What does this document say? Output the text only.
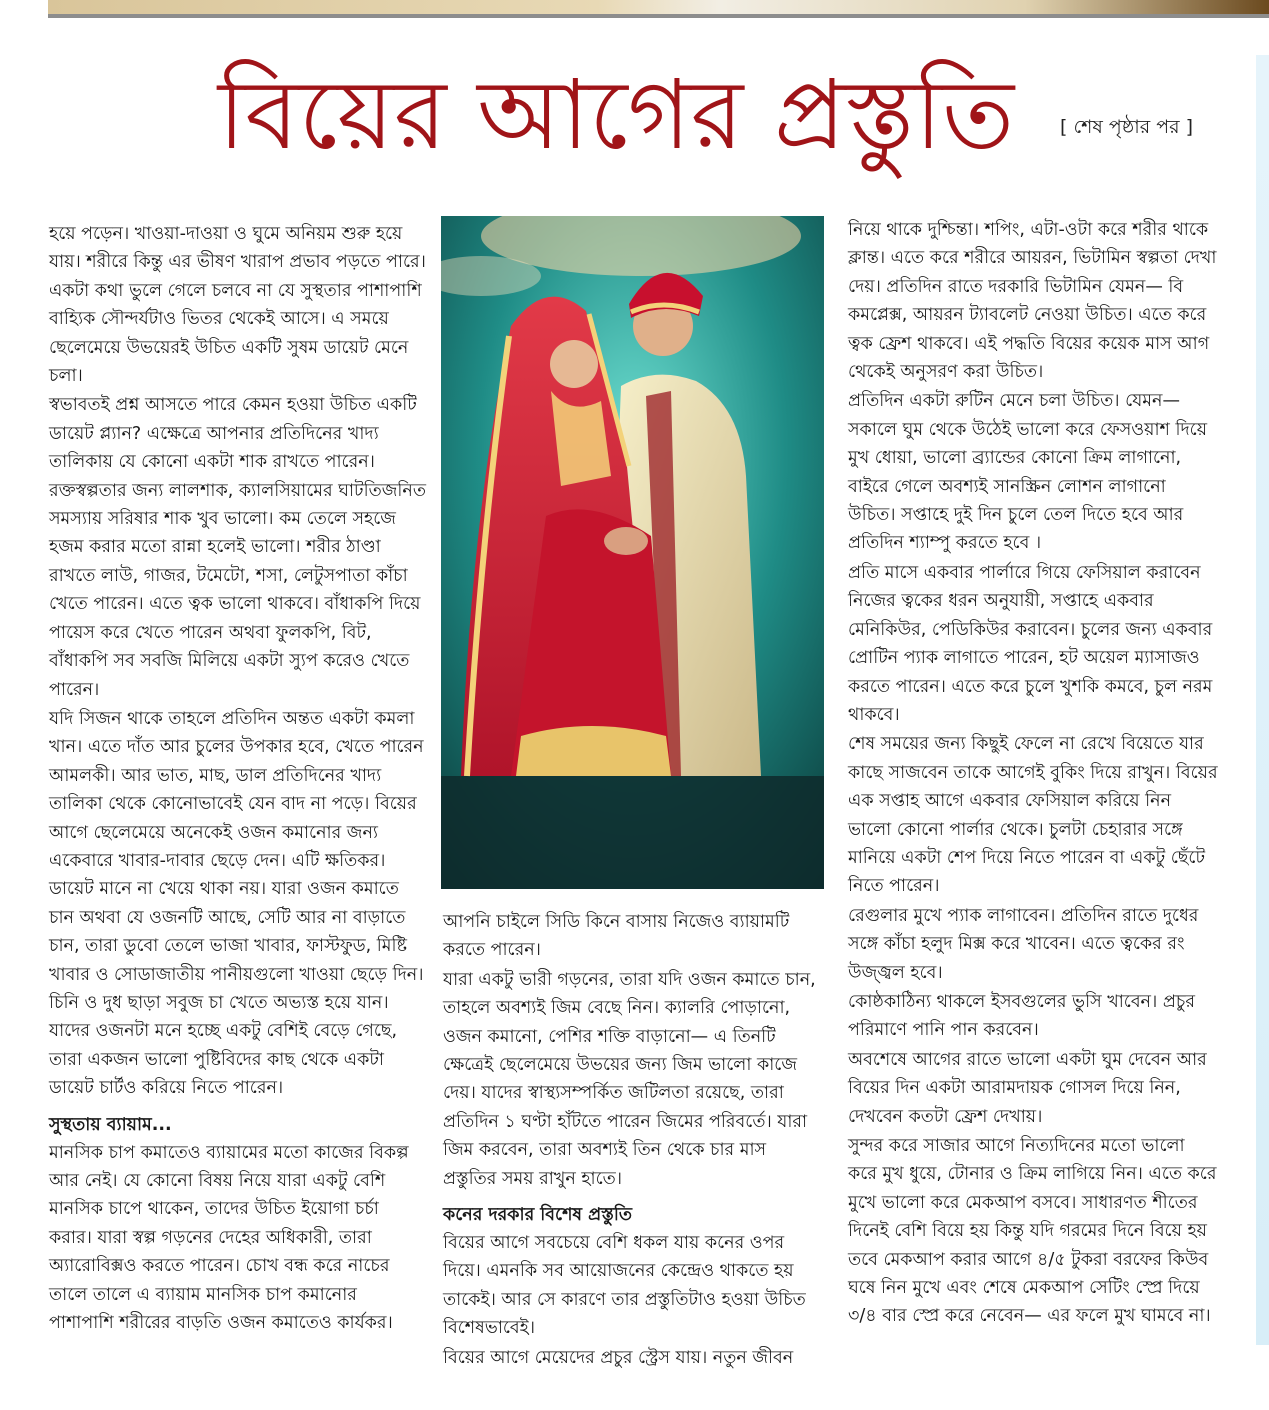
বিয়ের আগের প্রস্তুতি	[ শেষ পৃষ্ঠার পর ]

হয়ে পড়েন। খাওয়া-দাওয়া ও ঘুমে অনিয়ম শুরু হয়ে যায়। শরীরে কিন্তু এর ভীষণ খারাপ প্রভাব পড়তে পারে। একটা কথা ভুলে গেলে চলবে না যে সুস্থতার পাশাপাশি বাহ্যিক সৌন্দর্যটাও ভিতর থেকেই আসে। এ সময়ে ছেলেমেয়ে উভয়েরই উচিত একটি সুষম ডায়েট মেনে চলা।

স্বভাবতই প্রশ্ন আসতে পারে কেমন হওয়া উচিত একটি ডায়েট প্ল্যান? এক্ষেত্রে আপনার প্রতিদিনের খাদ্য তালিকায় যে কোনো একটা শাক রাখতে পারেন। রক্তস্বল্পতার জন্য লালশাক, ক্যালসিয়ামের ঘাটতিজনিত সমস্যায় সরিষার শাক খুব ভালো। কম তেলে সহজে হজম করার মতো রান্না হলেই ভালো। শরীর ঠাণ্ডা রাখতে লাউ, গাজর, টমেটো, শসা, লেটুসপাতা কাঁচা খেতে পারেন। এতে ত্বক ভালো থাকবে। বাঁধাকপি দিয়ে পায়েস করে খেতে পারেন অথবা ফুলকপি, বিট, বাঁধাকপি সব সবজি মিলিয়ে একটা স্যুপ করেও খেতে পারেন।

যদি সিজন থাকে তাহলে প্রতিদিন অন্তত একটা কমলা খান। এতে দাঁত আর চুলের উপকার হবে, খেতে পারেন আমলকী। আর ভাত, মাছ, ডাল প্রতিদিনের খাদ্য তালিকা থেকে কোনোভাবেই যেন বাদ না পড়ে। বিয়ের আগে ছেলেমেয়ে অনেকেই ওজন কমানোর জন্য একেবারে খাবার-দাবার ছেড়ে দেন। এটি ক্ষতিকর। ডায়েট মানে না খেয়ে থাকা নয়। যারা ওজন কমাতে চান অথবা যে ওজনটি আছে, সেটি আর না বাড়াতে চান, তারা ডুবো তেলে ভাজা খাবার, ফাস্টফুড, মিষ্টি খাবার ও সোডাজাতীয় পানীয়গুলো খাওয়া ছেড়ে দিন। চিনি ও দুধ ছাড়া সবুজ চা খেতে অভ্যস্ত হয়ে যান। যাদের ওজনটা মনে হচ্ছে একটু বেশিই বেড়ে গেছে, তারা একজন ভালো পুষ্টিবিদের কাছ থেকে একটা ডায়েট চার্টও করিয়ে নিতে পারেন।

সুস্থতায় ব্যায়াম...

মানসিক চাপ কমাতেও ব্যায়ামের মতো কাজের বিকল্প আর নেই। যে কোনো বিষয় নিয়ে যারা একটু বেশি মানসিক চাপে থাকেন, তাদের উচিত ইয়োগা চর্চা করার। যারা স্বল্প গড়নের দেহের অধিকারী, তারা অ্যারোবিক্সও করতে পারেন। চোখ বন্ধ করে নাচের তালে তালে এ ব্যায়াম মানসিক চাপ কমানোর পাশাপাশি শরীরের বাড়তি ওজন কমাতেও কার্যকর।

আপনি চাইলে সিডি কিনে বাসায় নিজেও ব্যায়ামটি করতে পারেন।

যারা একটু ভারী গড়নের, তারা যদি ওজন কমাতে চান, তাহলে অবশ্যই জিম বেছে নিন। ক্যালরি পোড়ানো, ওজন কমানো, পেশির শক্তি বাড়ানো— এ তিনটি ক্ষেত্রেই ছেলেমেয়ে উভয়ের জন্য জিম ভালো কাজে দেয়। যাদের স্বাস্থ্যসম্পর্কিত জটিলতা রয়েছে, তারা প্রতিদিন ১ ঘণ্টা হাঁটতে পারেন জিমের পরিবর্তে। যারা জিম করবেন, তারা অবশ্যই তিন থেকে চার মাস প্রস্তুতির সময় রাখুন হাতে।

কনের দরকার বিশেষ প্রস্তুতি

বিয়ের আগে সবচেয়ে বেশি ধকল যায় কনের ওপর দিয়ে। এমনকি সব আয়োজনের কেন্দ্রেও থাকতে হয় তাকেই। আর সে কারণে তার প্রস্তুতিটাও হওয়া উচিত বিশেষভাবেই।

বিয়ের আগে মেয়েদের প্রচুর স্ট্রেস যায়। নতুন জীবন

নিয়ে থাকে দুশ্চিন্তা। শপিং, এটা-ওটা করে শরীর থাকে ক্লান্ত। এতে করে শরীরে আয়রন, ভিটামিন স্বল্পতা দেখা দেয়। প্রতিদিন রাতে দরকারি ভিটামিন যেমন— বি কমপ্লেক্স, আয়রন ট্যাবলেট নেওয়া উচিত। এতে করে ত্বক ফ্রেশ থাকবে। এই পদ্ধতি বিয়ের কয়েক মাস আগ থেকেই অনুসরণ করা উচিত।

প্রতিদিন একটা রুটিন মেনে চলা উচিত। যেমন— সকালে ঘুম থেকে উঠেই ভালো করে ফেসওয়াশ দিয়ে মুখ ধোয়া, ভালো ব্র্যান্ডের কোনো ক্রিম লাগানো, বাইরে গেলে অবশ্যই সানস্ক্রিন লোশন লাগানো উচিত। সপ্তাহে দুই দিন চুলে তেল দিতে হবে আর প্রতিদিন শ্যাম্পু করতে হবে ।

প্রতি মাসে একবার পার্লারে গিয়ে ফেসিয়াল করাবেন নিজের ত্বকের ধরন অনুযায়ী, সপ্তাহে একবার মেনিকিউর, পেডিকিউর করাবেন। চুলের জন্য একবার প্রোটিন প্যাক লাগাতে পারেন, হট অয়েল ম্যাসাজও করতে পারেন। এতে করে চুলে খুশকি কমবে, চুল নরম থাকবে।

শেষ সময়ের জন্য কিছুই ফেলে না রেখে বিয়েতে যার কাছে সাজবেন তাকে আগেই বুকিং দিয়ে রাখুন। বিয়ের এক সপ্তাহ আগে একবার ফেসিয়াল করিয়ে নিন ভালো কোনো পার্লার থেকে। চুলটা চেহারার সঙ্গে মানিয়ে একটা শেপ দিয়ে নিতে পারেন বা একটু ছেঁটে নিতে পারেন।

রেগুলার মুখে প্যাক লাগাবেন। প্রতিদিন রাতে দুধের সঙ্গে কাঁচা হলুদ মিক্স করে খাবেন। এতে ত্বকের রং উজ্জ্বল হবে।

কোষ্ঠকাঠিন্য থাকলে ইসবগুলের ভুসি খাবেন। প্রচুর পরিমাণে পানি পান করবেন।

অবশেষে আগের রাতে ভালো একটা ঘুম দেবেন আর বিয়ের দিন একটা আরামদায়ক গোসল দিয়ে নিন, দেখবেন কতটা ফ্রেশ দেখায়।

সুন্দর করে সাজার আগে নিত্যদিনের মতো ভালো করে মুখ ধুয়ে, টোনার ও ক্রিম লাগিয়ে নিন। এতে করে মুখে ভালো করে মেকআপ বসবে। সাধারণত শীতের দিনেই বেশি বিয়ে হয় কিন্তু যদি গরমের দিনে বিয়ে হয় তবে মেকআপ করার আগে ৪/৫ টুকরা বরফের কিউব ঘষে নিন মুখে এবং শেষে মেকআপ সেটিং স্প্রে দিয়ে ৩/৪ বার স্প্রে করে নেবেন— এর ফলে মুখ ঘামবে না।
